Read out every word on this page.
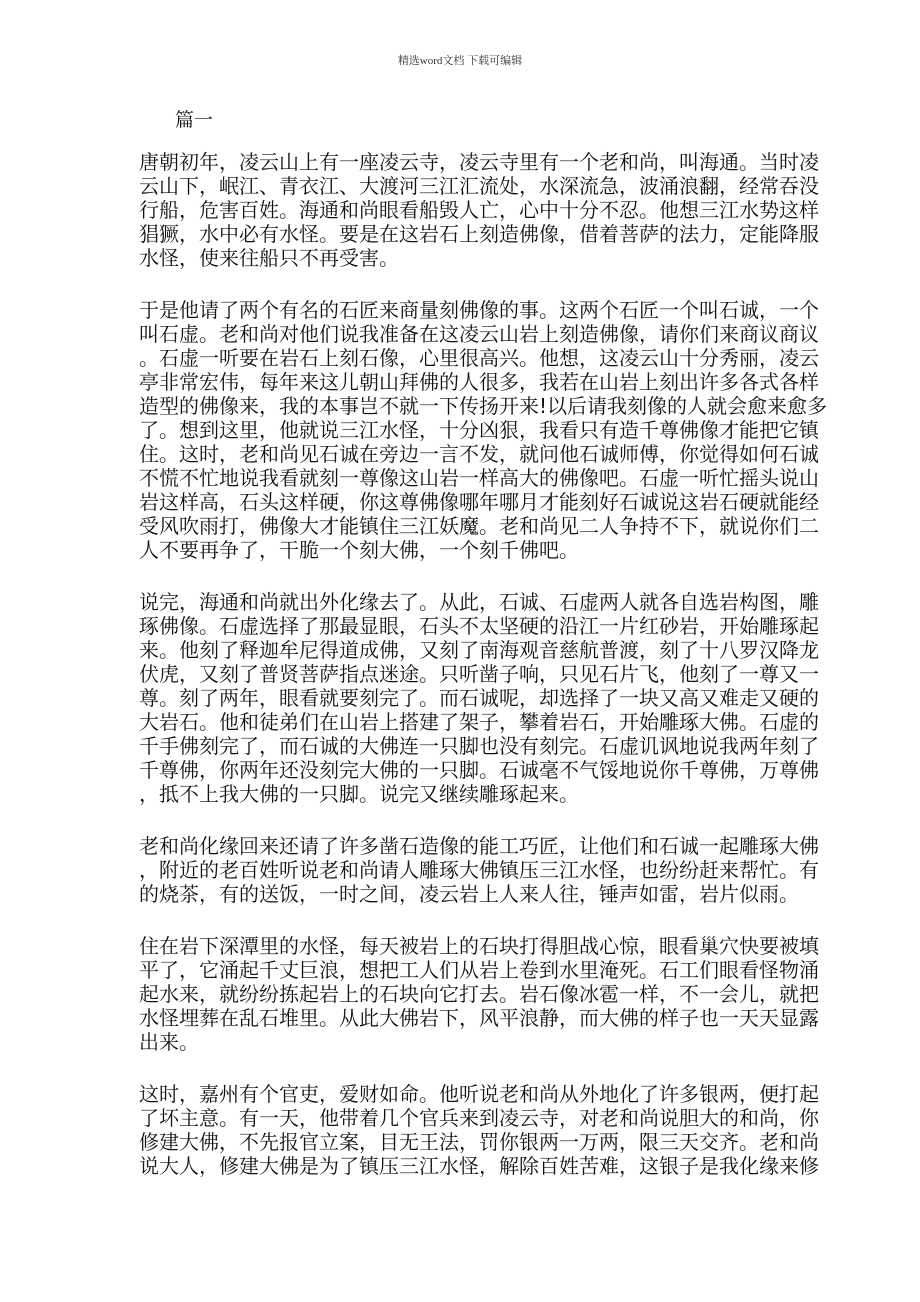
精选word文档 下载可编辑
篇一
唐朝初年，凌云山上有一座凌云寺，凌云寺里有一个老和尚，叫海通。当时凌
云山下，岷江、青衣江、大渡河三江汇流处，水深流急，波涌浪翻，经常吞没
行船，危害百姓。海通和尚眼看船毁人亡，心中十分不忍。他想三江水势这样
猖獗，水中必有水怪。要是在这岩石上刻造佛像，借着菩萨的法力，定能降服
水怪，使来往船只不再受害。
于是他请了两个有名的石匠来商量刻佛像的事。这两个石匠一个叫石诚，一个
叫石虚。老和尚对他们说我准备在这凌云山岩上刻造佛像，请你们来商议商议
。石虚一听要在岩石上刻石像，心里很高兴。他想，这凌云山十分秀丽，凌云
亭非常宏伟，每年来这儿朝山拜佛的人很多，我若在山岩上刻出许多各式各样
造型的佛像来，我的本事岂不就一下传扬开来!以后请我刻像的人就会愈来愈多
了。想到这里，他就说三江水怪，十分凶狠，我看只有造千尊佛像才能把它镇
住。这时，老和尚见石诚在旁边一言不发，就问他石诚师傅，你觉得如何石诚
不慌不忙地说我看就刻一尊像这山岩一样高大的佛像吧。石虚一听忙摇头说山
岩这样高，石头这样硬，你这尊佛像哪年哪月才能刻好石诚说这岩石硬就能经
受风吹雨打，佛像大才能镇住三江妖魔。老和尚见二人争持不下，就说你们二
人不要再争了，干脆一个刻大佛，一个刻千佛吧。
说完，海通和尚就出外化缘去了。从此，石诚、石虚两人就各自选岩构图，雕
琢佛像。石虚选择了那最显眼，石头不太坚硬的沿江一片红砂岩，开始雕琢起
来。他刻了释迦牟尼得道成佛，又刻了南海观音慈航普渡，刻了十八罗汉降龙
伏虎，又刻了普贤菩萨指点迷途。只听凿子响，只见石片飞，他刻了一尊又一
尊。刻了两年，眼看就要刻完了。而石诚呢，却选择了一块又高又难走又硬的
大岩石。他和徒弟们在山岩上搭建了架子，攀着岩石，开始雕琢大佛。石虚的
千手佛刻完了，而石诚的大佛连一只脚也没有刻完。石虚讥讽地说我两年刻了
千尊佛，你两年还没刻完大佛的一只脚。石诚毫不气馁地说你千尊佛，万尊佛
，抵不上我大佛的一只脚。说完又继续雕琢起来。
老和尚化缘回来还请了许多凿石造像的能工巧匠，让他们和石诚一起雕琢大佛
，附近的老百姓听说老和尚请人雕琢大佛镇压三江水怪，也纷纷赶来帮忙。有
的烧茶，有的送饭，一时之间，凌云岩上人来人往，锤声如雷，岩片似雨。
住在岩下深潭里的水怪，每天被岩上的石块打得胆战心惊，眼看巢穴快要被填
平了，它涌起千丈巨浪，想把工人们从岩上卷到水里淹死。石工们眼看怪物涌
起水来，就纷纷拣起岩上的石块向它打去。岩石像冰雹一样，不一会儿，就把
水怪埋葬在乱石堆里。从此大佛岩下，风平浪静，而大佛的样子也一天天显露
出来。
这时，嘉州有个官吏，爱财如命。他听说老和尚从外地化了许多银两，便打起
了坏主意。有一天，他带着几个官兵来到凌云寺，对老和尚说胆大的和尚，你
修建大佛，不先报官立案，目无王法，罚你银两一万两，限三天交齐。老和尚
说大人，修建大佛是为了镇压三江水怪，解除百姓苦难，这银子是我化缘来修
